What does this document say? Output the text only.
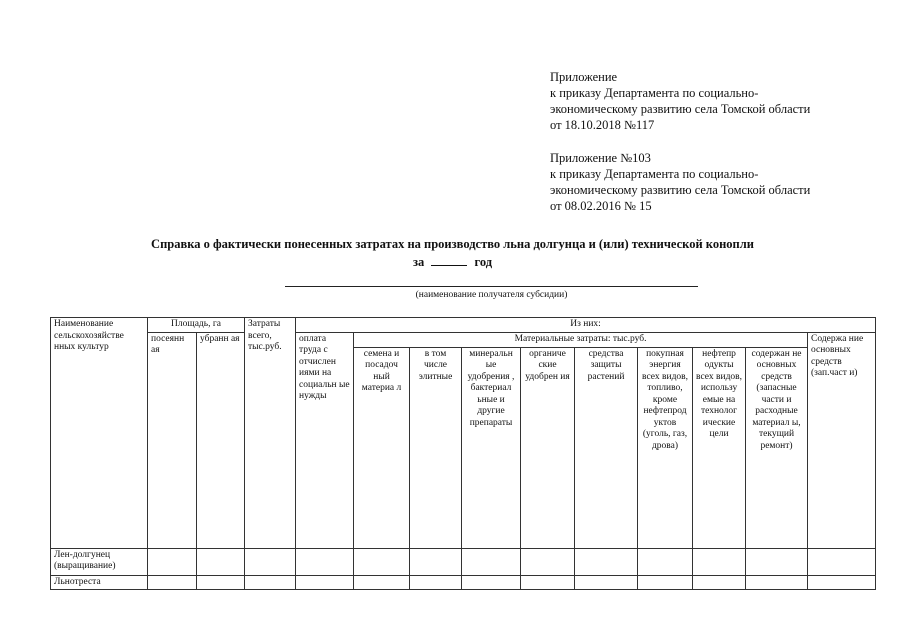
Приложение
к приказу Департамента по социально-
экономическому развитию села Томской области
от 18.10.2018 №117
Приложение №103
к приказу Департамента по социально-
экономическому развитию села Томской области
от 08.02.2016 № 15
Справка о фактически понесенных затратах на производство льна долгунца и (или) технической конопли
за	год
(наименование получателя субсидии)
Наименование сельскохозяйстве нных культур	Площадь, га		Затраты всего, тыс.руб.	Из них:									
	посеянн ая	убранн ая		оплата труда с отчислен иями на социальн ые нужды	Материальные затраты: тыс.руб.								Содержа ние основных средств (зап.част и)
					семена и посадоч ный материа л	в том числе элитные	минеральн ые удобрения , бактериал ьные и другие препараты	органиче ские удобрен ия	средства защиты растений	покупная энергия всех видов, топливо, кроме нефтепрод уктов (уголь, газ, дрова)	нефтепр одукты всех видов, использу емые на технолог ические цели	содержан не основных средств (запасные части и расходные материал ы, текущий ремонт)	
Лен-долгунец (выращивание)													
Льнотреста													
